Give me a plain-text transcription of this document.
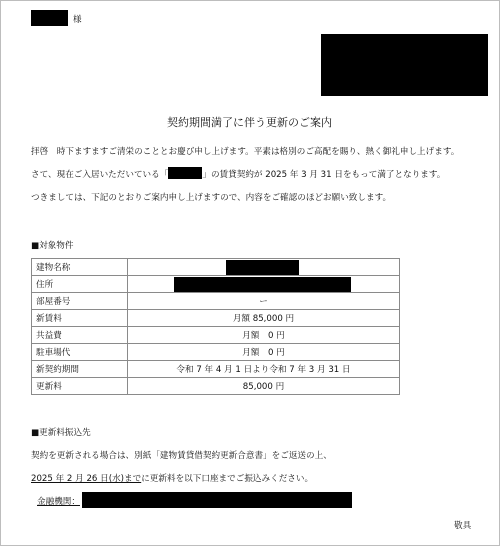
様
契約期間満了に伴う更新のご案内
拝啓　時下ますますご清栄のこととお慶び申し上げます。平素は格別のご高配を賜り、熱く御礼申し上げます。
さて、現在ご入居いただいている「	」の賃貸契約が 2025 年 3 月 31 日をもって満了となります。
つきましては、下記のとおりご案内申し上げますので、内容をご確認のほどお願い致します。
■対象物件
建物名称	

住所	

部屋番号	ー
新賃料	月額 85,000 円
共益費	月額　0 円
駐車場代	月額　0 円
新契約期間	令和 7 年 4 月 1 日より令和 7 年 3 月 31 日
更新料	85,000 円
■更新料振込先
契約を更新される場合は、別紙「建物賃貸借契約更新合意書」をご返送の上、
2025 年 2 月 26 日(水)までに更新料を以下口座までご振込みください。
金融機関：
敬具
